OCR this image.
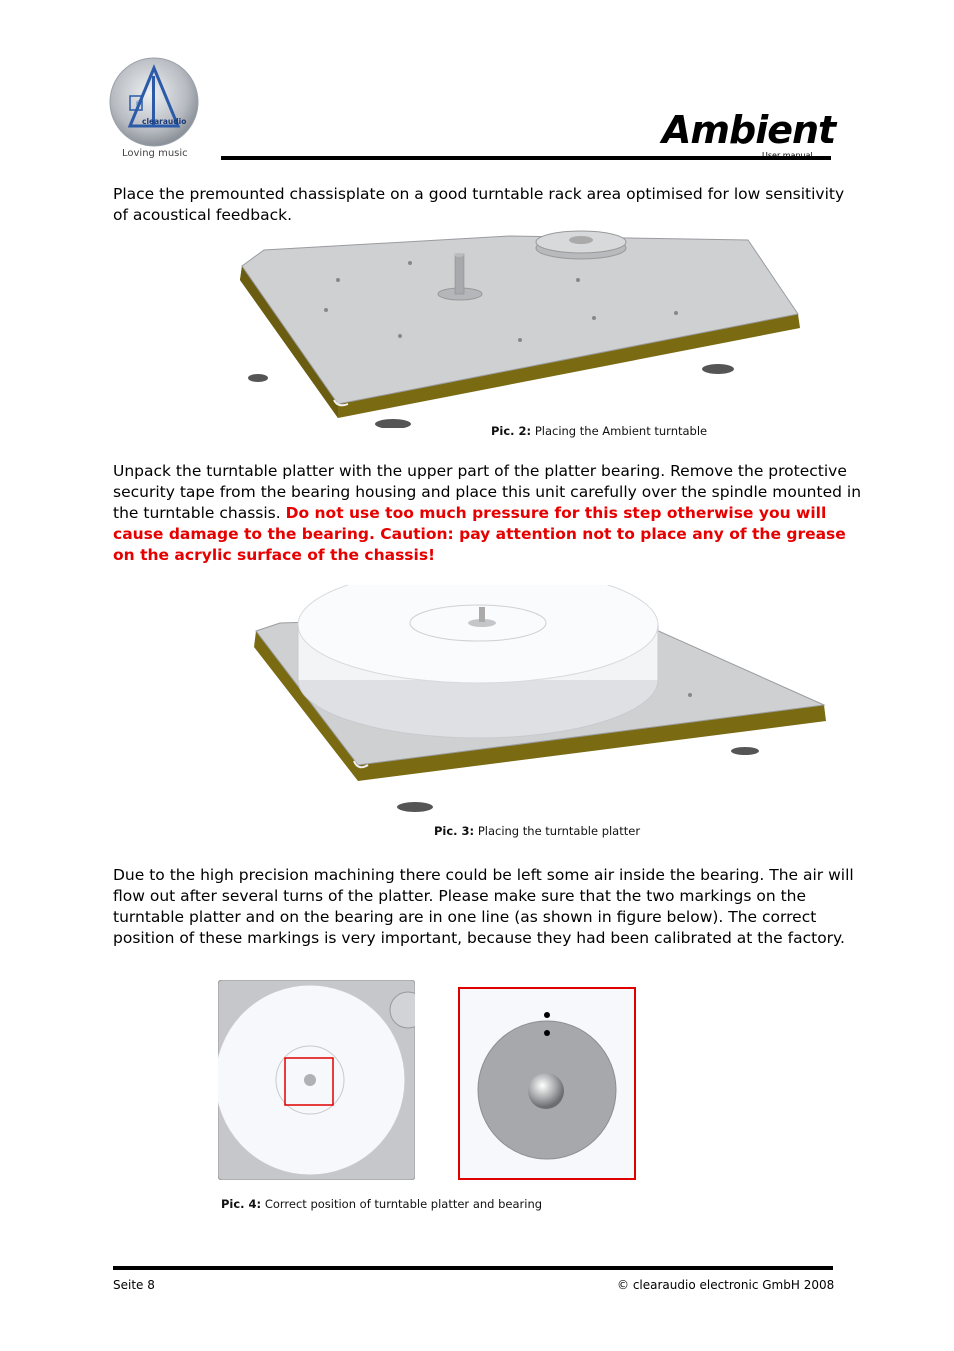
®
clearaudio
Loving music
Ambient
Place the premounted chassisplate on a good turntable rack area optimised for low sensitivity of acoustical feedback.
Pic. 2: Placing the Ambient turntable
Unpack the turntable platter with the upper part of the platter bearing. Remove the protective security tape from the bearing housing and place this unit carefully over the spindle mounted in the turntable chassis. Do not use too much pressure for this step otherwise you will cause damage to the bearing. Caution: pay attention not to place any of the grease on the acrylic surface of the chassis!
Pic. 3: Placing the turntable platter
Due to the high precision machining there could be left some air inside the bearing. The air will flow out after several turns of the platter. Please make sure that the two markings on the turntable platter and on the bearing are in one line (as shown in figure below). The correct position of these markings is very important, because they had been calibrated at the factory.
Pic. 4: Correct position of turntable platter and bearing
Seite 8	© clearaudio electronic GmbH 2008
